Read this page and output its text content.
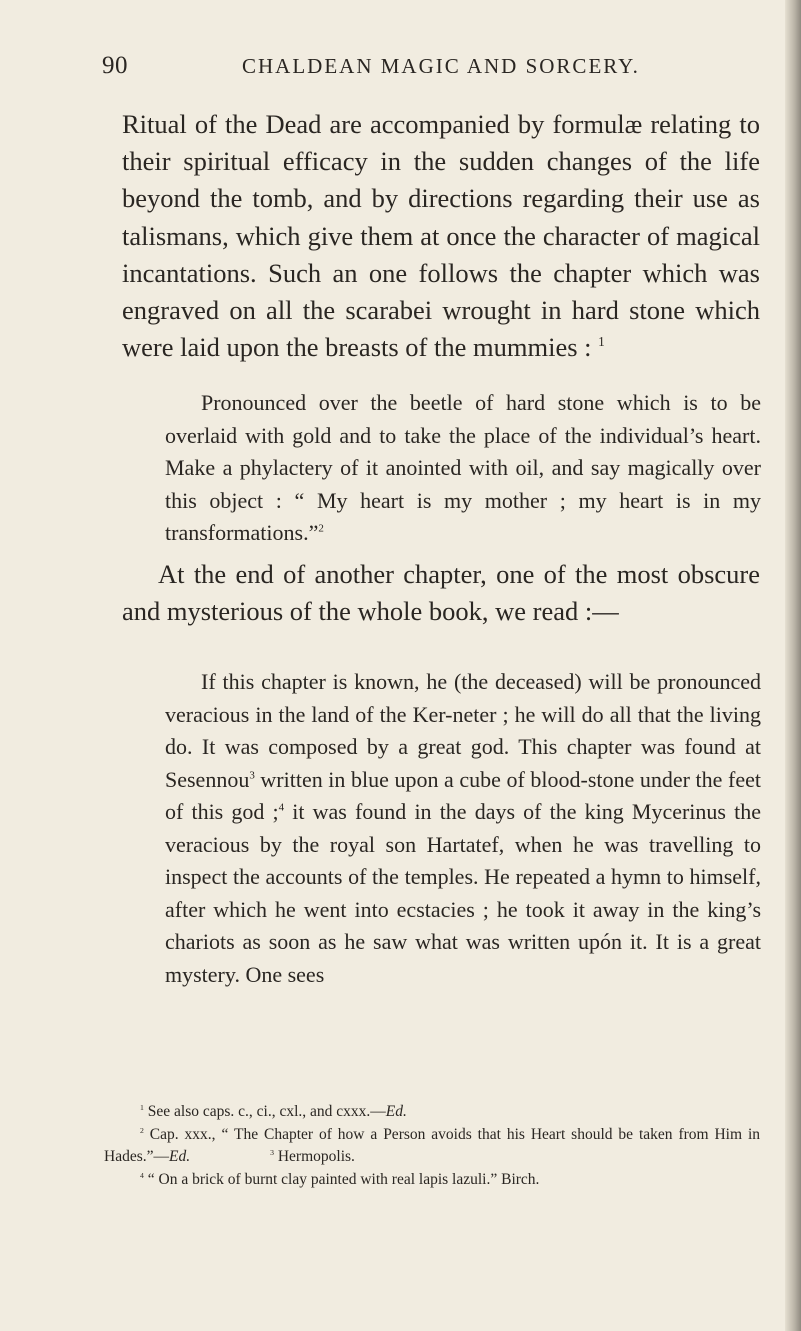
90	CHALDEAN MAGIC AND SORCERY.

Ritual of the Dead are accompanied by formulæ relating to their spiritual efficacy in the sudden changes of the life beyond the tomb, and by directions regarding their use as talismans, which give them at once the character of magical incantations. Such an one follows the chapter which was engraved on all the scarabei wrought in hard stone which were laid upon the breasts of the mummies : $^1$

Pronounced over the beetle of hard stone which is to be overlaid with gold and to take the place of the individual’s heart. Make a phylactery of it anointed with oil, and say magically over this object : “ My heart is my mother ; my heart is in my transformations.”$^2$

At the end of another chapter, one of the most obscure and mysterious of the whole book, we read :—

If this chapter is known, he (the deceased) will be pronounced veracious in the land of the Ker-neter ; he will do all that the living do. It was composed by a great god. This chapter was found at Sesennou$^3$ written in blue upon a cube of blood-stone under the feet of this god ;$^4$ it was found in the days of the king Mycerinus the veracious by the royal son Hartatef, when he was travelling to inspect the accounts of the temples. He repeated a hymn to himself, after which he went into ecstacies ; he took it away in the king’s chariots as soon as he saw what was written upón it. It is a great mystery. One sees

$^1$ See also caps. c., ci., cxl., and cxxx.—Ed.
$^2$ Cap. xxx., “ The Chapter of how a Person avoids that his Heart should be taken from Him in Hades.”—Ed.	$^3$ Hermopolis.
$^4$ “ On a brick of burnt clay painted with real lapis lazuli.” Birch.
